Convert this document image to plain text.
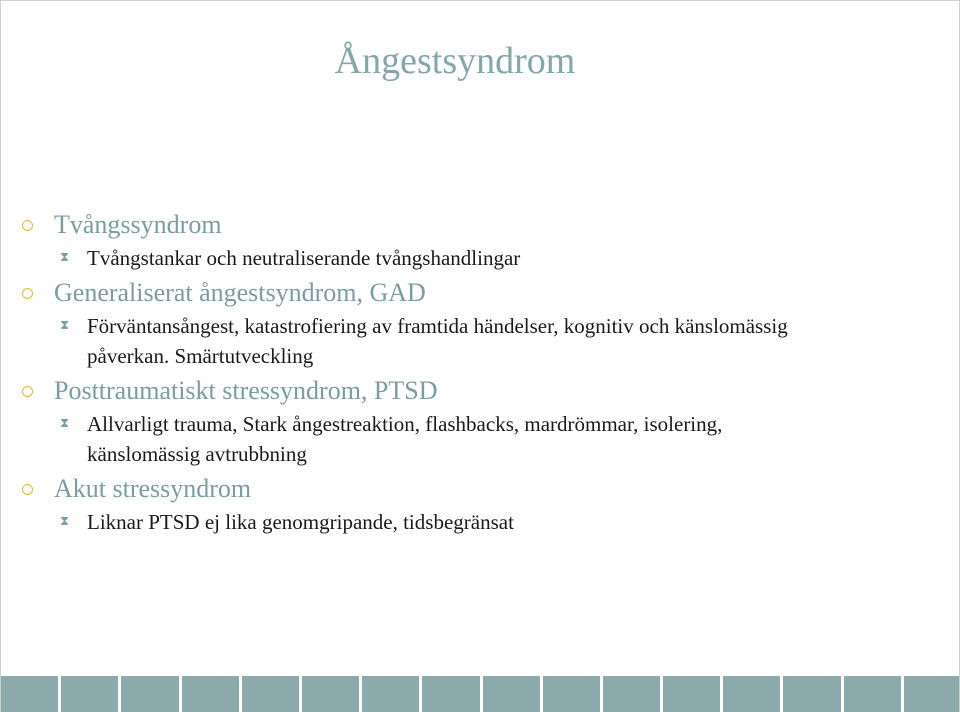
Ångestsyndrom
Tvångssyndrom
⧗ Tvångstankar och neutraliserande tvångshandlingar
Generaliserat ångestsyndrom, GAD
⧗ Förväntansångest, katastrofiering av framtida händelser, kognitiv och känslomässig påverkan. Smärtutveckling
Posttraumatiskt stressyndrom, PTSD
⧗ Allvarligt trauma, Stark ångestreaktion, flashbacks, mardrömmar, isolering, känslomässig avtrubbning
Akut stressyndrom
⧗ Liknar PTSD ej lika genomgripande, tidsbegränsat
